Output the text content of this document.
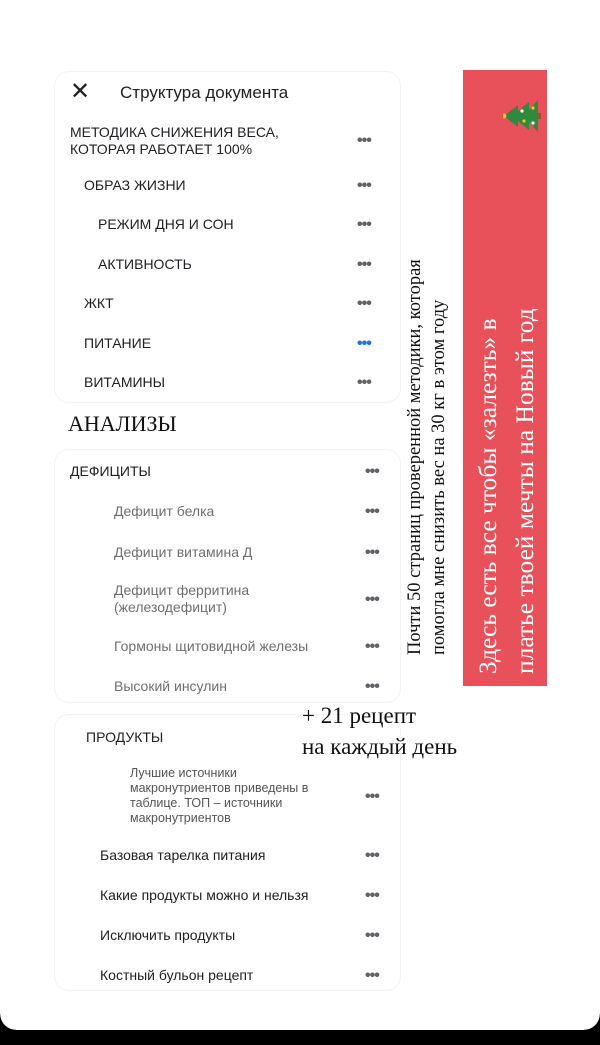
✕ Структура документа
МЕТОДИКА СНИЖЕНИЯ ВЕСА,
КОТОРАЯ РАБОТАЕТ 100%	•••
ОБРАЗ ЖИЗНИ	•••
РЕЖИМ ДНЯ И СОН	•••
АКТИВНОСТЬ	•••
ЖКТ	•••
ПИТАНИЕ	•••
ВИТАМИНЫ	•••
АНАЛИЗЫ
ДЕФИЦИТЫ	•••
Дефицит белка	•••
Дефицит витамина Д	•••
Дефицит ферритина
(железодефицит)	•••
Гормоны щитовидной железы	•••
Высокий инсулин	•••
+ 21 рецепт
на каждый день
ПРОДУКТЫ
Лучшие источники
макронутриентов приведены в
таблице. ТОП – источники
макронутриентов
•••
Базовая тарелка питания	•••
Какие продукты можно и нельзя	•••
Исключить продукты	•••
Костный бульон рецепт	•••
Почти 50 страниц проверенной методики, которая помогла мне снизить вес на 30 кг в этом году Здесь есть все чтобы «залезть» в платье твоей мечты на Новый год
